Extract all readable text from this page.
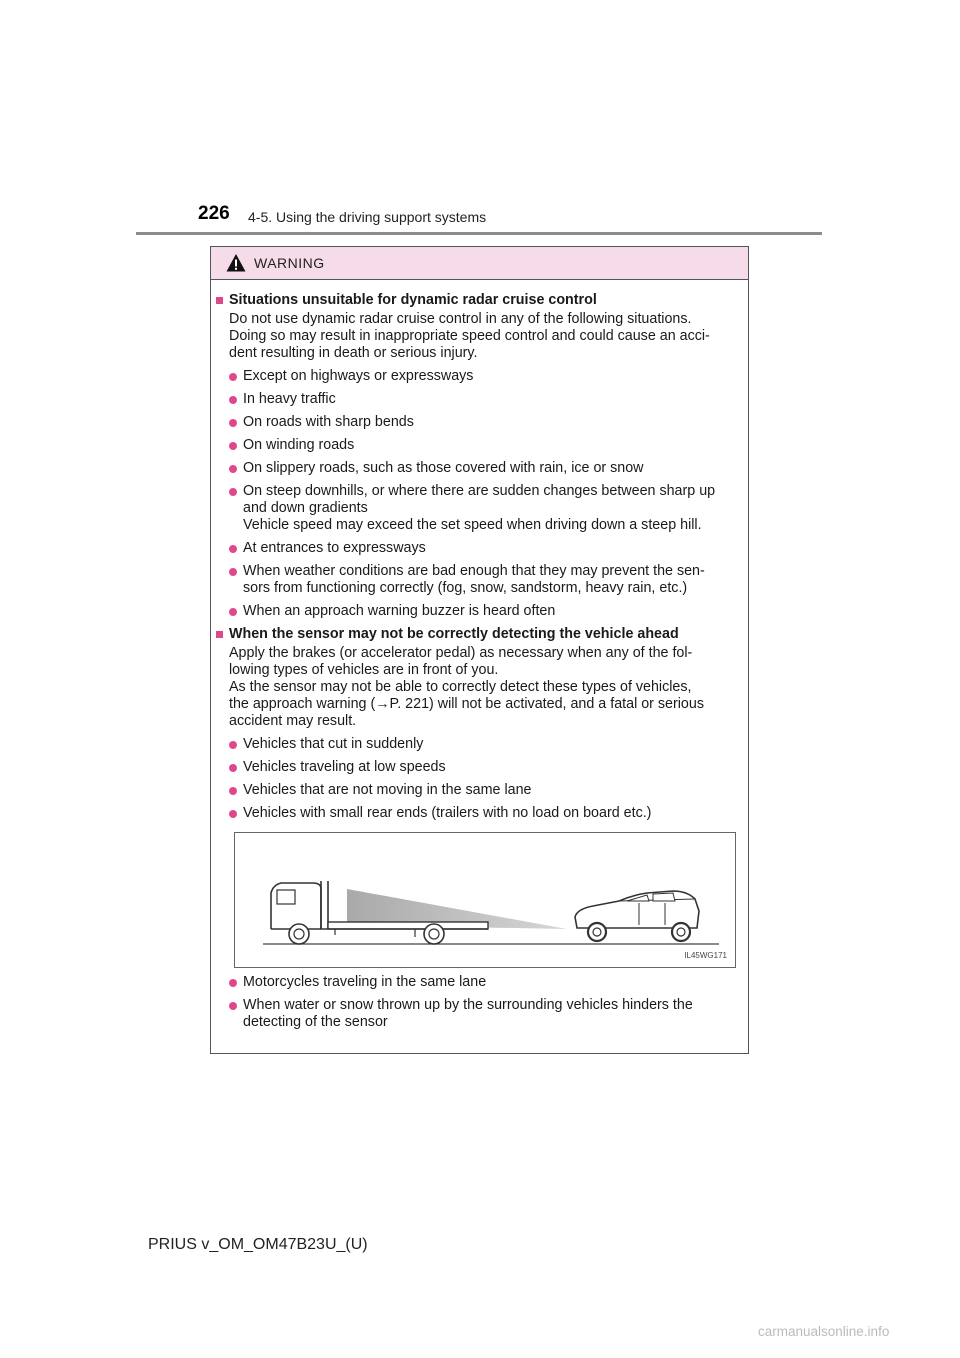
226 4-5. Using the driving support systems
WARNING
Situations unsuitable for dynamic radar cruise control
Do not use dynamic radar cruise control in any of the following situations.
Doing so may result in inappropriate speed control and could cause an acci-
dent resulting in death or serious injury.
Except on highways or expressways
In heavy traffic
On roads with sharp bends
On winding roads
On slippery roads, such as those covered with rain, ice or snow
On steep downhills, or where there are sudden changes between sharp up
and down gradients
Vehicle speed may exceed the set speed when driving down a steep hill.
At entrances to expressways
When weather conditions are bad enough that they may prevent the sen-
sors from functioning correctly (fog, snow, sandstorm, heavy rain, etc.)
When an approach warning buzzer is heard often
When the sensor may not be correctly detecting the vehicle ahead
Apply the brakes (or accelerator pedal) as necessary when any of the fol-
lowing types of vehicles are in front of you.
As the sensor may not be able to correctly detect these types of vehicles,
the approach warning (→P. 221) will not be activated, and a fatal or serious
accident may result.
Vehicles that cut in suddenly
Vehicles traveling at low speeds
Vehicles that are not moving in the same lane
Vehicles with small rear ends (trailers with no load on board etc.)
IL45WG171
Motorcycles traveling in the same lane
When water or snow thrown up by the surrounding vehicles hinders the
detecting of the sensor
PRIUS v_OM_OM47B23U_(U)
carmanualsonline.info
